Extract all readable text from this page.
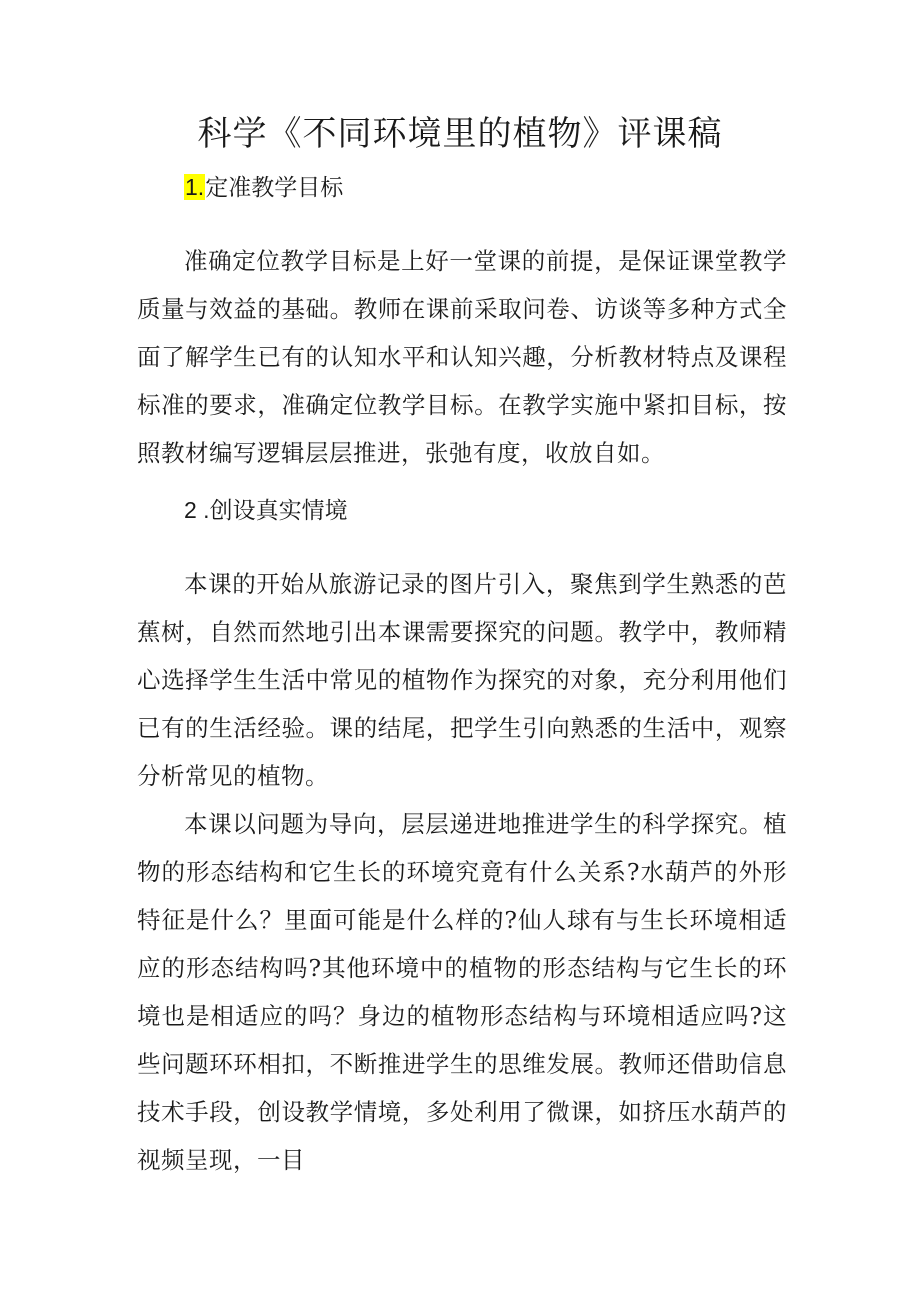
科学《不同环境里的植物》评课稿
1.定准教学目标

准确定位教学目标是上好一堂课的前提，是保证课堂教学质量与效益的基础。教师在课前采取问卷、访谈等多种方式全面了解学生已有的认知水平和认知兴趣，分析教材特点及课程标准的要求，准确定位教学目标。在教学实施中紧扣目标，按照教材编写逻辑层层推进，张弛有度，收放自如。

2 .创设真实情境

本课的开始从旅游记录的图片引入，聚焦到学生熟悉的芭蕉树，自然而然地引出本课需要探究的问题。教学中，教师精心选择学生生活中常见的植物作为探究的对象，充分利用他们已有的生活经验。课的结尾，把学生引向熟悉的生活中，观察分析常见的植物。

本课以问题为导向，层层递进地推进学生的科学探究。植物的形态结构和它生长的环境究竟有什么关系?水葫芦的外形特征是什么？里面可能是什么样的?仙人球有与生长环境相适应的形态结构吗?其他环境中的植物的形态结构与它生长的环境也是相适应的吗？身边的植物形态结构与环境相适应吗?这些问题环环相扣，不断推进学生的思维发展。教师还借助信息技术手段，创设教学情境，多处利用了微课，如挤压水葫芦的视频呈现，一目
